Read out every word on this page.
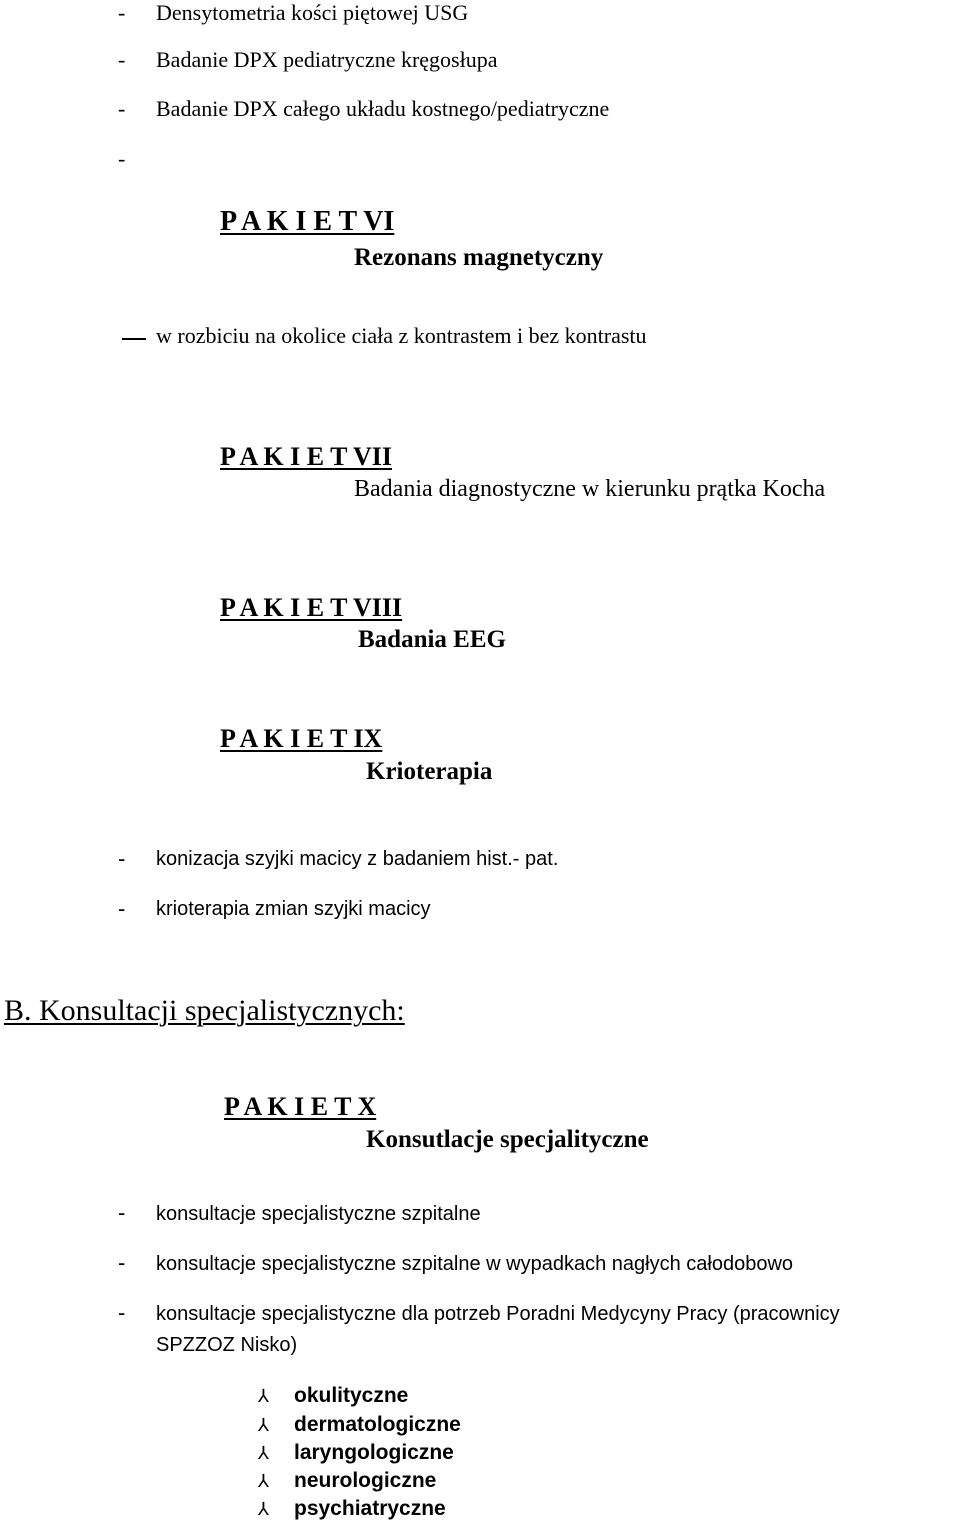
- Densytometria kości piętowej USG
- Badanie DPX pediatryczne kręgosłupa
- Badanie DPX całego układu kostnego/pediatryczne
-
P A K I E T VI
Rezonans magnetyczny
w rozbiciu na okolice ciała z kontrastem i bez kontrastu
P A K I E T VII
Badania diagnostyczne w kierunku prątka Kocha
P A K I E T VIII
Badania EEG
P A K I E T IX
Krioterapia
- konizacja szyjki macicy z badaniem hist.- pat.
- krioterapia zmian szyjki macicy
B. Konsultacji specjalistycznych:
P A K I E T X
Konsutlacje specjalityczne
- konsultacje specjalistyczne szpitalne
- konsultacje specjalistyczne szpitalne w wypadkach nagłych całodobowo
- konsultacje specjalistyczne dla potrzeb Poradni Medycyny Pracy (pracownicy
SPZZOZ Nisko)
⅄ okulityczne
⅄ dermatologiczne
⅄ laryngologiczne
⅄ neurologiczne
⅄ psychiatryczne
